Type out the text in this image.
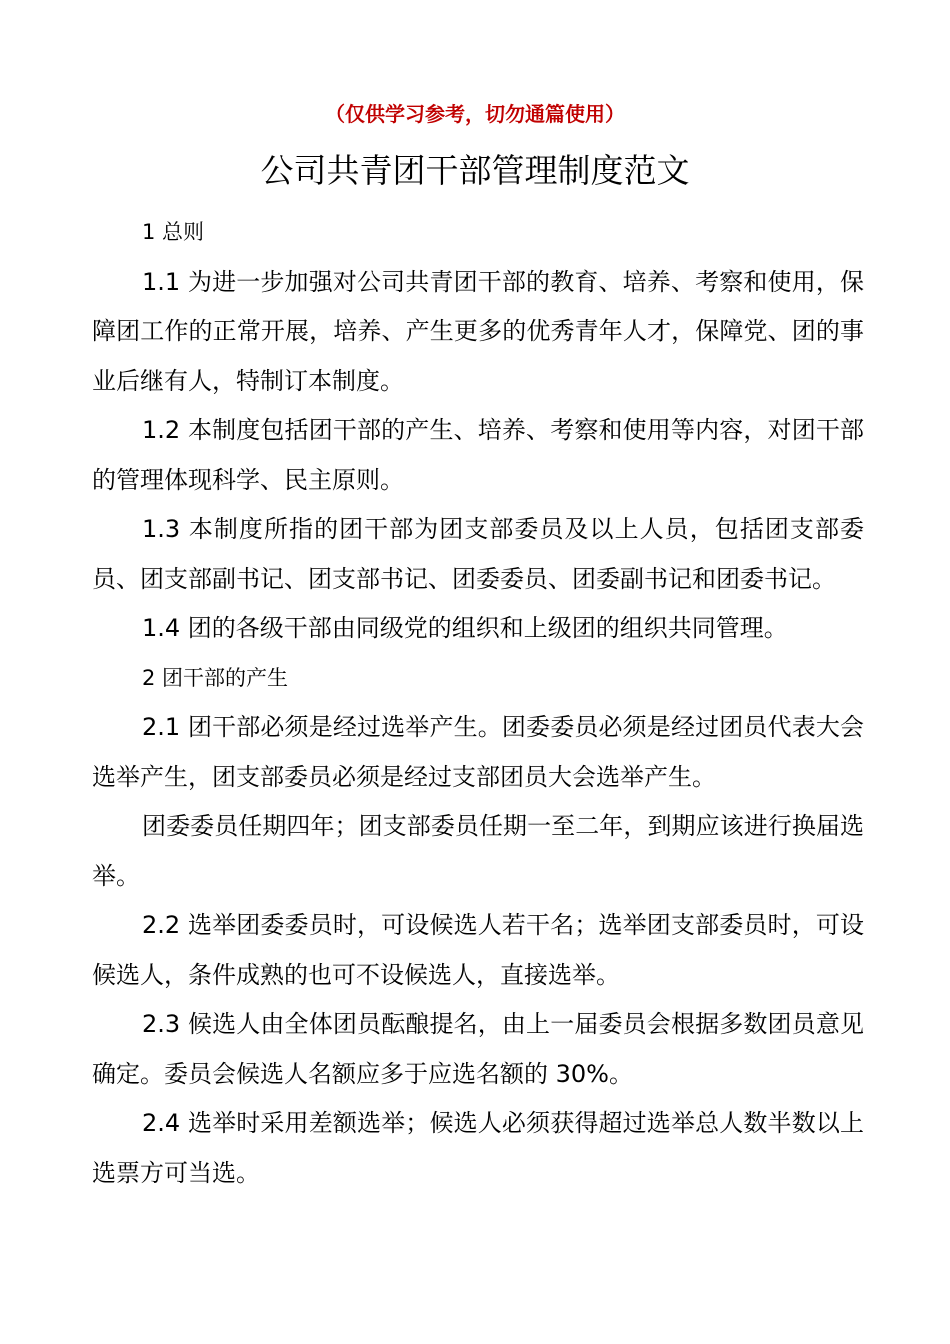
（仅供学习参考，切勿通篇使用）
公司共青团干部管理制度范文

1 总则

1.1 为进一步加强对公司共青团干部的教育、培养、考察和使用，保障团工作的正常开展，培养、产生更多的优秀青年人才，保障党、团的事业后继有人，特制订本制度。

1.2 本制度包括团干部的产生、培养、考察和使用等内容，对团干部的管理体现科学、民主原则。

1.3 本制度所指的团干部为团支部委员及以上人员，包括团支部委员、团支部副书记、团支部书记、团委委员、团委副书记和团委书记。

1.4 团的各级干部由同级党的组织和上级团的组织共同管理。

2 团干部的产生

2.1 团干部必须是经过选举产生。团委委员必须是经过团员代表大会选举产生，团支部委员必须是经过支部团员大会选举产生。

团委委员任期四年；团支部委员任期一至二年，到期应该进行换届选举。

2.2 选举团委委员时，可设候选人若干名；选举团支部委员时，可设候选人，条件成熟的也可不设候选人，直接选举。

2.3 候选人由全体团员酝酿提名，由上一届委员会根据多数团员意见确定。委员会候选人名额应多于应选名额的 30%。

2.4 选举时采用差额选举；候选人必须获得超过选举总人数半数以上选票方可当选。
